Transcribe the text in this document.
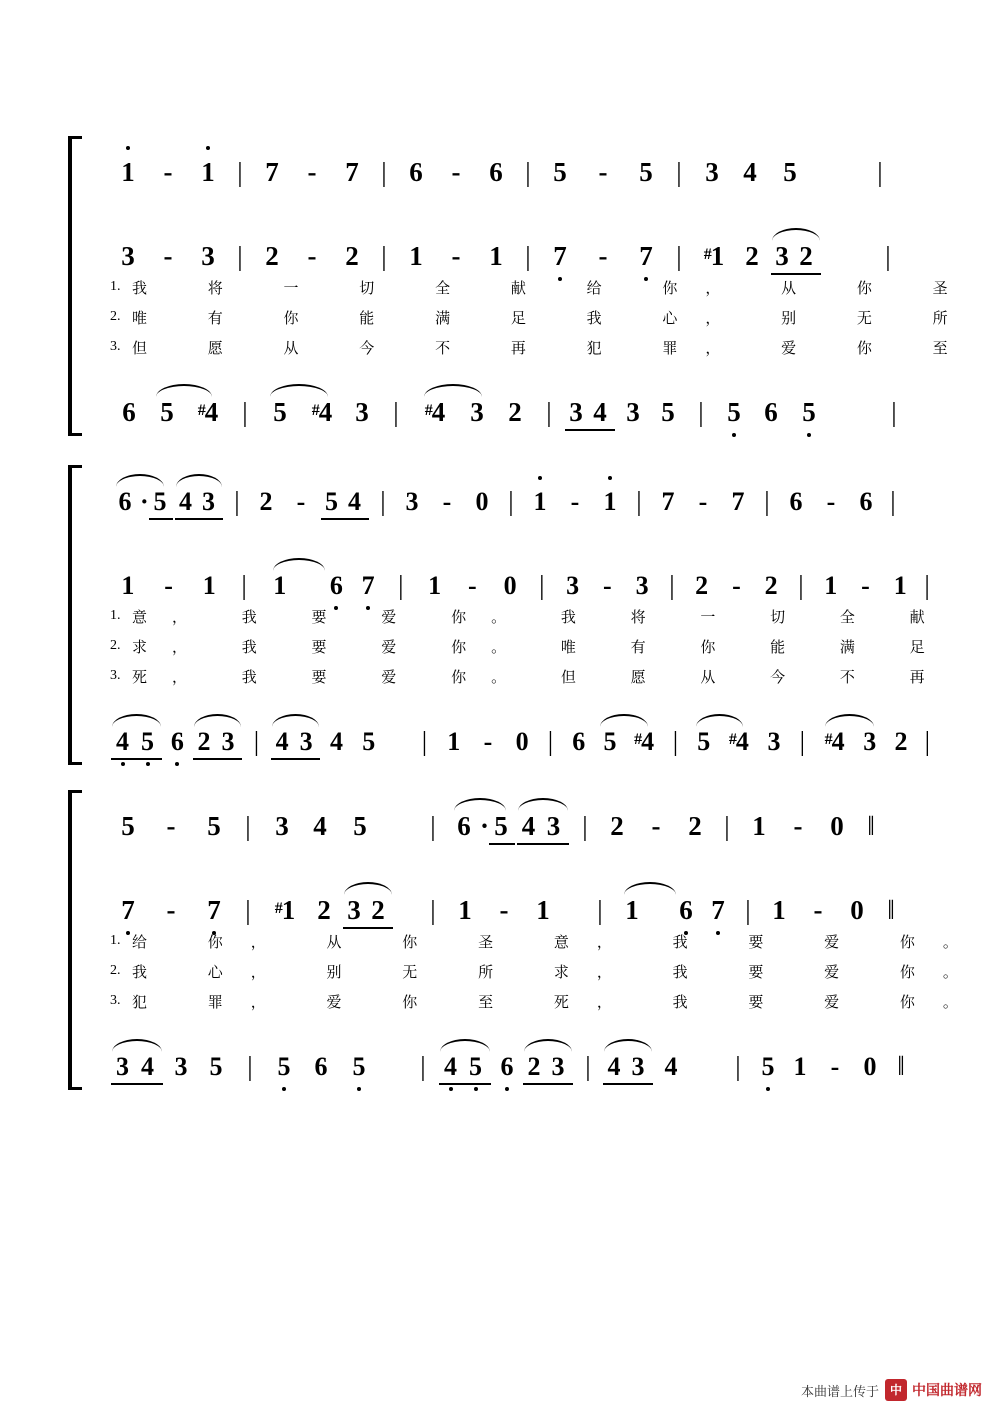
1	-	1 | 7	-	7 | 6	-	6 | 5	-	5 | 3 4 5	|
3	-	3 | 2	-	2 | 1	-	1 | 7	-	7 |	#1 2 3 2	|
1. 我 将 一 切 全 献 给 你， 从 你 圣
2. 唯 有 你 能 满 足 我 心， 别 无 所
3. 但 愿 从 今 不 再 犯 罪， 爱 你 至
6 5	#4 | 5	#4 3 |	#4 3 2 | 3 4 3 5 | 5 6 5	|
6 · 5 4 3 | 2 - 5 4 | 3 - 0 | 1 - 1 | 7 - 7 | 6 - 6 |
1	-	1 |	1	6 7 | 1	-	0 | 3 - 3 | 2 - 2 | 1 - 1 |
1. 意， 我 要 爱 你。 我 将 一 切 全 献
2. 求， 我 要 爱 你。 唯 有 你 能 满 足
3. 死， 我 要 爱 你。 但 愿 从 今 不 再
4 5 6 2 3 | 4 3 4 5	| 1 - 0 | 6 5	#4 | 5	#4 3 |	#4 3 2 |
5	-	5 | 3 4 5	| 6 · 5 4 3 | 2	-	2 | 1	-	0 ‖
7	-	7 |	#1 2 3 2	| 1	-	1	| 1	6 7 | 1	-	0 ‖
1. 给 你， 从 你 圣 意， 我 要 爱 你。
2. 我 心， 别 无 所 求， 我 要 爱 你。
3. 犯 罪， 爱 你 至 死， 我 要 爱 你。
3 4 3 5 | 5 6 5	| 4 5 6 2 3 | 4 3 4	| 5 1 - 0 ‖
本曲谱上传于 中 中国曲谱网
